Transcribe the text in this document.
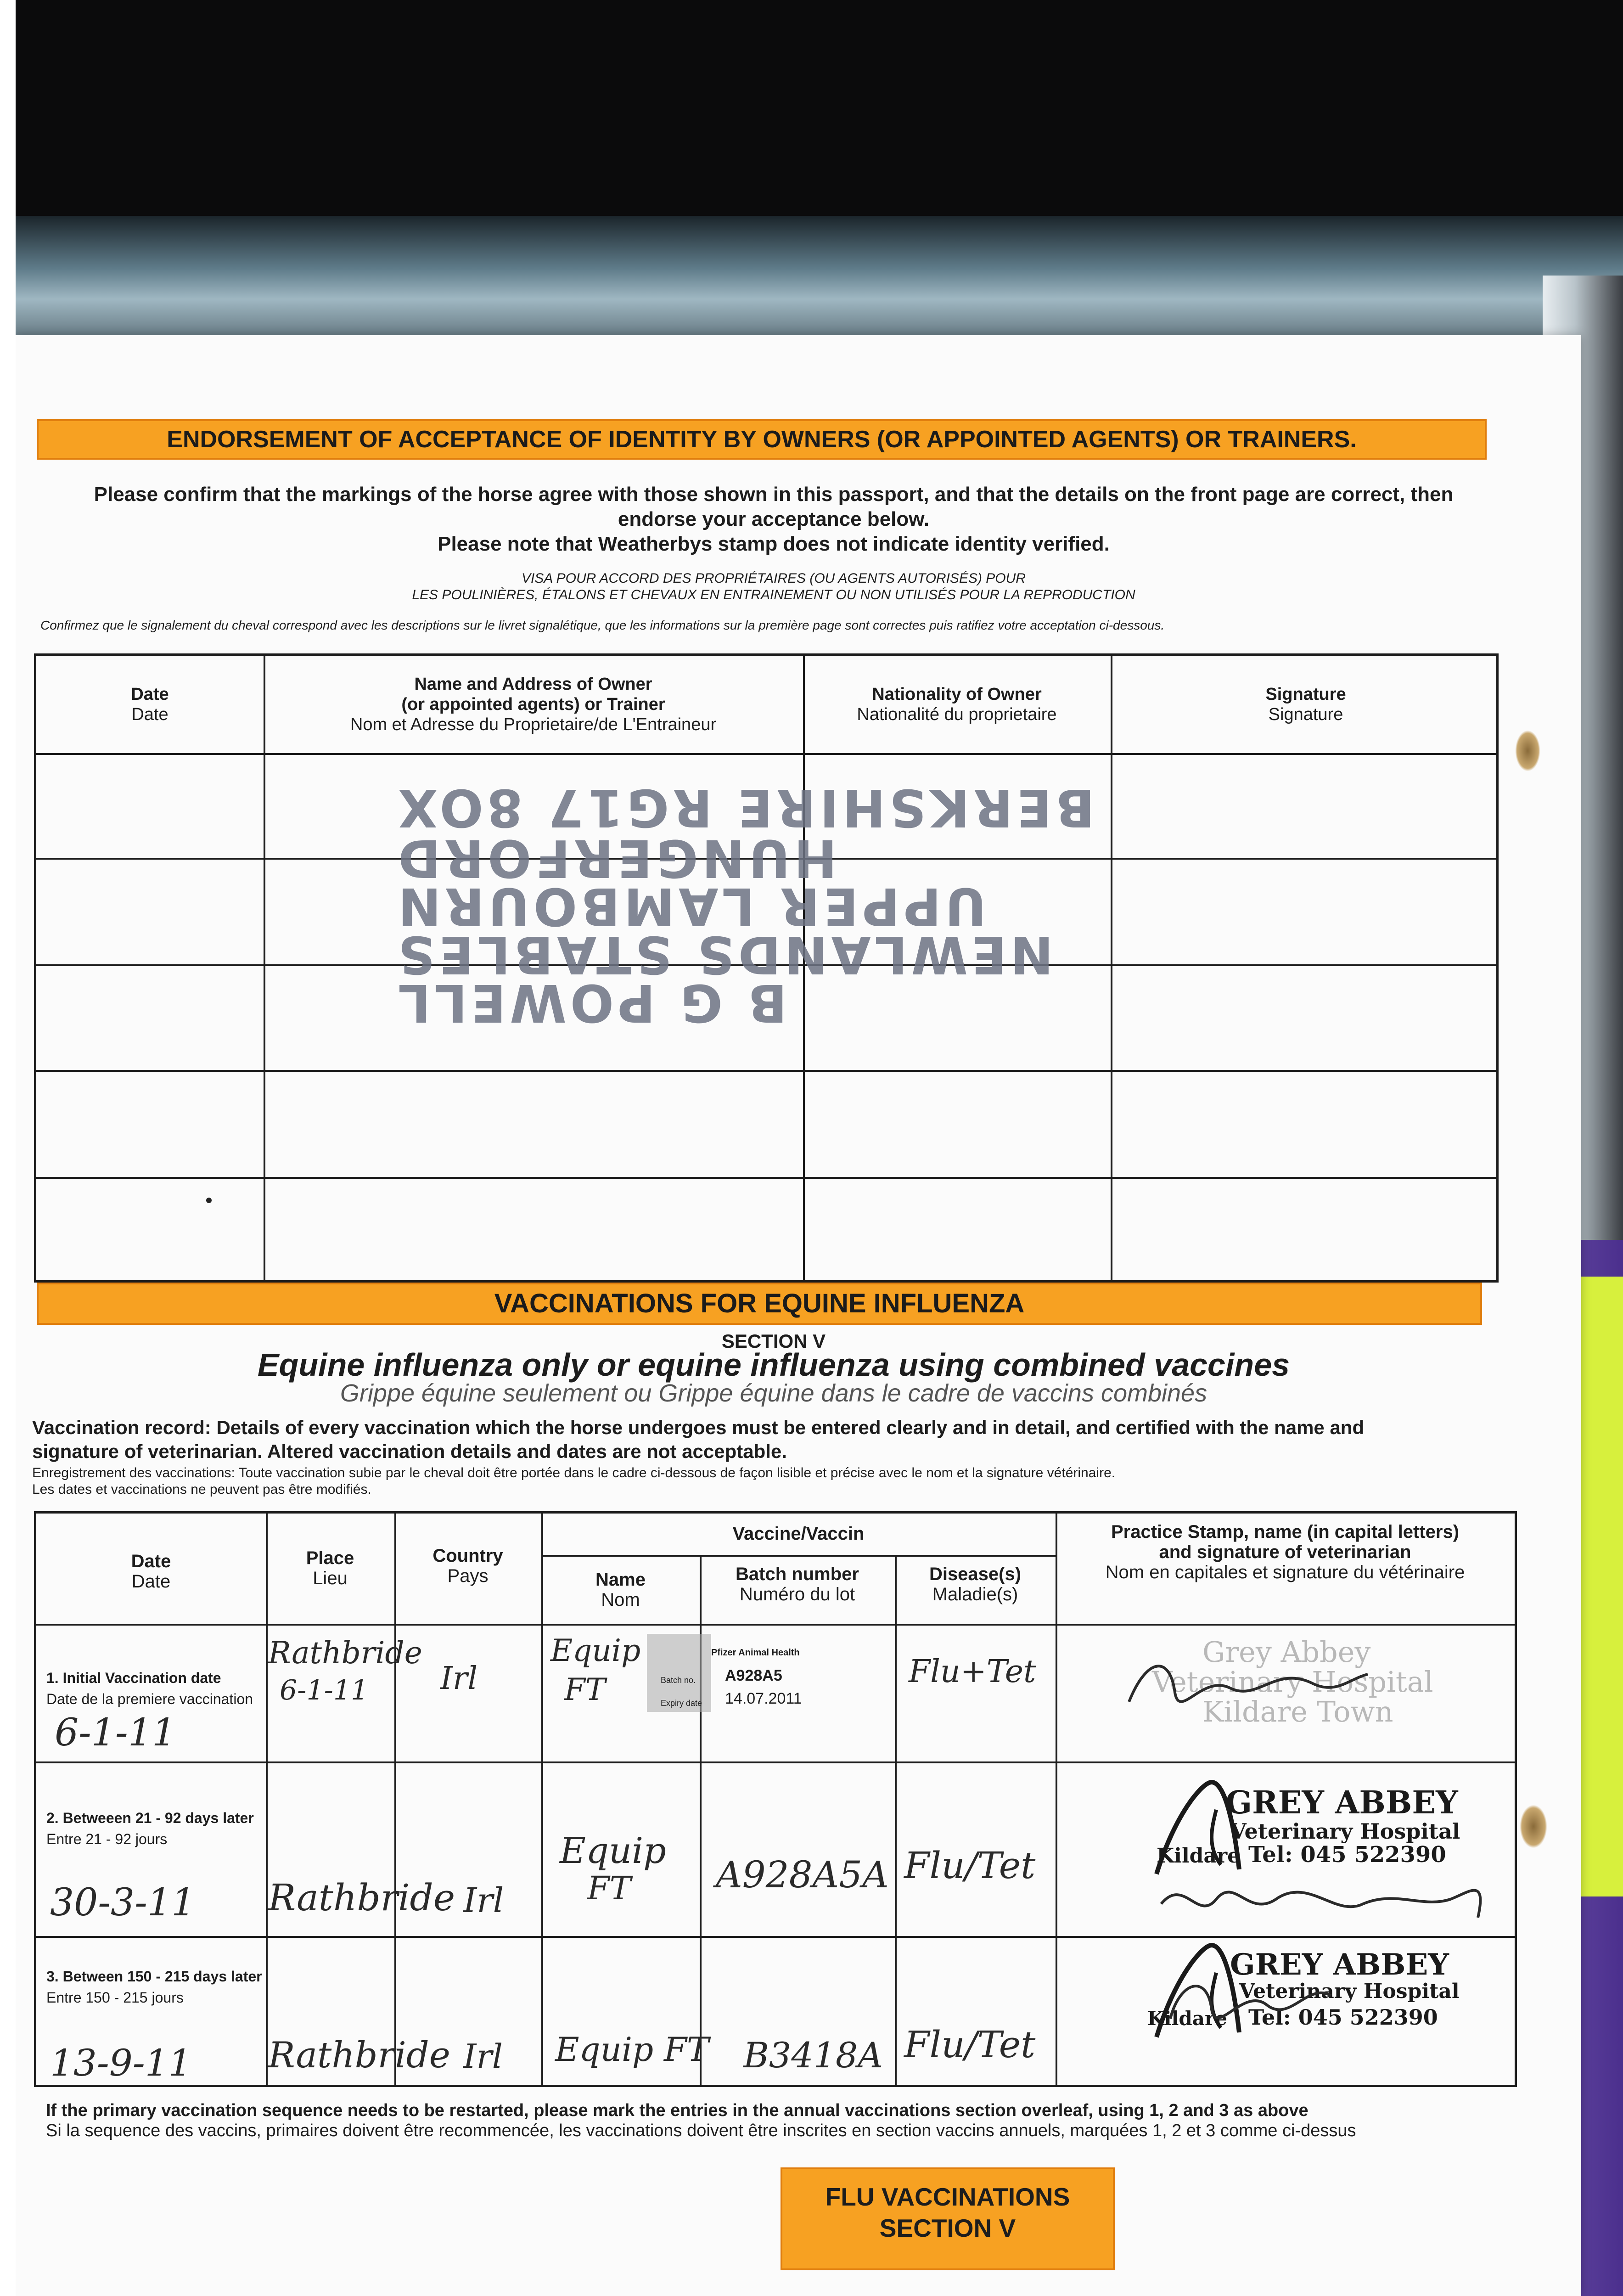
ENDORSEMENT OF ACCEPTANCE OF IDENTITY BY OWNERS (OR APPOINTED AGENTS) OR TRAINERS.
Please confirm that the markings of the horse agree with those shown in this passport, and that the details on the front page are correct, then
endorse your acceptance below.
Please note that Weatherbys stamp does not indicate identity verified.
VISA POUR ACCORD DES PROPRIÉTAIRES (OU AGENTS AUTORISÉS) POUR
LES POULINIÈRES, ÉTALONS ET CHEVAUX EN ENTRAINEMENT OU NON UTILISÉS POUR LA REPRODUCTION
Confirmez que le signalement du cheval correspond avec les descriptions sur le livret signalétique, que les informations sur la première page sont correctes puis ratifiez votre acceptation ci-dessous.
Date
Date
Name and Address of Owner
(or appointed agents) or Trainer
Nom et Adresse du Proprietaire/de L'Entraineur
Nationality of Owner
Nationalité du proprietaire
Signature
Signature
BERKSHIRE RG17 8OX
HUNGERFORD
UPPER LAMBOURN
NEWLANDS STABLES
B G POWELL
VACCINATIONS FOR EQUINE INFLUENZA
SECTION V
Equine influenza only or equine influenza using combined vaccines
Grippe équine seulement ou Grippe équine dans le cadre de vaccins combinés
Vaccination record: Details of every vaccination which the horse undergoes must be entered clearly and in detail, and certified with the name and
signature of veterinarian. Altered vaccination details and dates are not acceptable.
Enregistrement des vaccinations: Toute vaccination subie par le cheval doit être portée dans le cadre ci-dessous de façon lisible et précise avec le nom et la signature vétérinaire.
Les dates et vaccinations ne peuvent pas être modifiés.
Date
Date
Place
Lieu
Country
Pays
Vaccine/Vaccin
Name
Nom
Batch number
Numéro du lot
Disease(s)
Maladie(s)
Practice Stamp, name (in capital letters)
and signature of veterinarian
Nom en capitales et signature du vétérinaire
1. Initial Vaccination date
Date de la premiere vaccination
6-1-11
Rathbride
6-1-11 Irl
Equip
FT
Pfizer Animal Health
Batch no. A928A5
Expiry date 14.07.2011
Flu+Tet
Grey Abbey
Veterinary Hospital
Kildare Town
2. Betweeen 21 - 92 days later
Entre 21 - 92 jours
30-3-11 Rathbride Irl
Equip
FT A928A5A Flu/Tet
GREY ABBEY
Veterinary Hospital
Kildare Tel: 045 522390
3. Between 150 - 215 days later
Entre 150 - 215 jours
13-9-11 Rathbride Irl Equip FT B3418A Flu/Tet
GREY ABBEY
Veterinary Hospital
Kildare Tel: 045 522390
If the primary vaccination sequence needs to be restarted, please mark the entries in the annual vaccinations section overleaf, using 1, 2 and 3 as above
Si la sequence des vaccins, primaires doivent être recommencée, les vaccinations doivent être inscrites en section vaccins annuels, marquées 1, 2 et 3 comme ci-dessus
FLU VACCINATIONS
SECTION V
